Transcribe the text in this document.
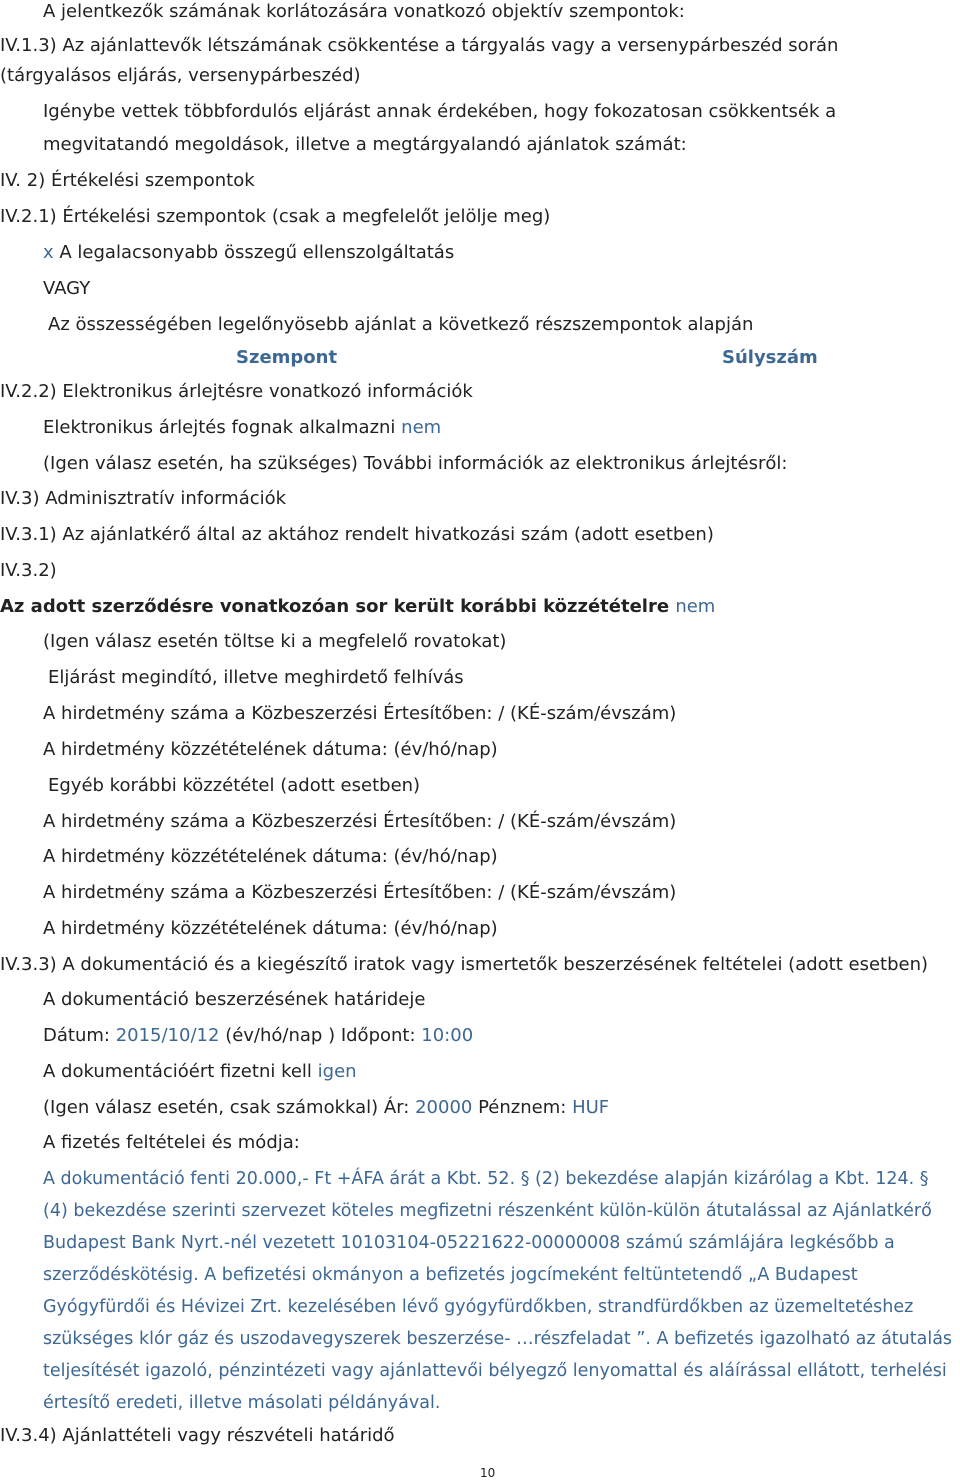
A jelentkezők számának korlátozására vonatkozó objektív szempontok:
IV.1.3) Az ajánlattevők létszámának csökkentése a tárgyalás vagy a versenypárbeszéd során
(tárgyalásos eljárás, versenypárbeszéd)
Igénybe vettek többfordulós eljárást annak érdekében, hogy fokozatosan csökkentsék a
megvitatandó megoldások, illetve a megtárgyalandó ajánlatok számát:
IV. 2) Értékelési szempontok
IV.2.1) Értékelési szempontok (csak a megfelelőt jelölje meg)
x A legalacsonyabb összegű ellenszolgáltatás
VAGY
Az összességében legelőnyösebb ajánlat a következő részszempontok alapján
Szempont	Súlyszám
IV.2.2) Elektronikus árlejtésre vonatkozó információk
Elektronikus árlejtés fognak alkalmazni nem
(Igen válasz esetén, ha szükséges) További információk az elektronikus árlejtésről:
IV.3) Adminisztratív információk
IV.3.1) Az ajánlatkérő által az aktához rendelt hivatkozási szám (adott esetben)
IV.3.2)
Az adott szerződésre vonatkozóan sor került korábbi közzétételre nem
(Igen válasz esetén töltse ki a megfelelő rovatokat)
Eljárást megindító, illetve meghirdető felhívás
A hirdetmény száma a Közbeszerzési Értesítőben: / (KÉ-szám/évszám)
A hirdetmény közzétételének dátuma: (év/hó/nap)
Egyéb korábbi közzététel (adott esetben)
A hirdetmény száma a Közbeszerzési Értesítőben: / (KÉ-szám/évszám)
A hirdetmény közzétételének dátuma: (év/hó/nap)
A hirdetmény száma a Közbeszerzési Értesítőben: / (KÉ-szám/évszám)
A hirdetmény közzétételének dátuma: (év/hó/nap)
IV.3.3) A dokumentáció és a kiegészítő iratok vagy ismertetők beszerzésének feltételei (adott esetben)
A dokumentáció beszerzésének határideje
Dátum: 2015/10/12 (év/hó/nap ) Időpont: 10:00
A dokumentációért fizetni kell igen
(Igen válasz esetén, csak számokkal) Ár: 20000 Pénznem: HUF
A fizetés feltételei és módja:
A dokumentáció fenti 20.000,- Ft +ÁFA árát a Kbt. 52. § (2) bekezdése alapján kizárólag a Kbt. 124. § (4) bekezdése szerinti szervezet köteles megfizetni részenként külön-külön átutalással az Ajánlatkérő Budapest Bank Nyrt.-nél vezetett 10103104-05221622-00000008 számú számlájára legkésőbb a szerződéskötésig. A befizetési okmányon a befizetés jogcímeként feltüntetendő „A Budapest Gyógyfürdői és Hévizei Zrt. kezelésében lévő gyógyfürdőkben, strandfürdőkben az üzemeltetéshez szükséges klór gáz és uszodavegyszerek beszerzése- …részfeladat ”. A befizetés igazolható az átutalás teljesítését igazoló, pénzintézeti vagy ajánlattevői bélyegző lenyomattal és aláírással ellátott, terhelési értesítő eredeti, illetve másolati példányával.
IV.3.4) Ajánlattételi vagy részvételi határidő
10
